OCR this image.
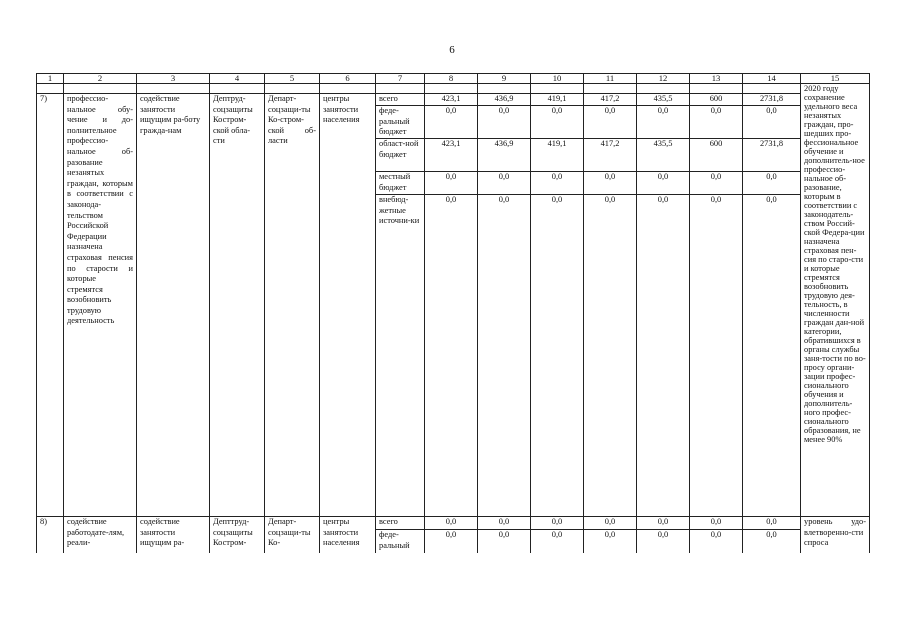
6
1	2	3	4	5	6	7	8	9	10	11	12	13	14	15

														2020 году сохранение удельного веса незанятых граждан, про-шедших про-фессиональное обучение и дополнитель-ное профессио-нальное об-разование, которым в соответствии с законодатель-ством Россий-ской Федера-ции назначена страховая пен-сия по старо-сти и которые стремятся возобновить трудовую дея-тельность, в численности граждан дан-ной категории, обратившихся в органы службы заня-тости по во-просу органи-зации профес-сионального обучения и дополнитель-ного профес-сионального образования, не менее 90%

7)	профессио-нальное обу-чение и до-полнительное профессио-нальное об-разование незанятых граждан, которым в соответствии с законода-тельством Российской Федерации назначена страховая пенсия по старости и которые стремятся возобновить трудовую деятельность	содействие занятости ищущим ра-боту гражда-нам	Дептруд-соцзащиты Костром-ской обла-сти	Департ-соцзащи-ты Ко-стром-ской об-ласти	центры занятости населения	всего	423,1	436,9	419,1	417,2	435,5	600	2731,8	
						феде-ральный бюджет	0,0	0,0	0,0	0,0	0,0	0,0	0,0	
						област-ной бюджет	423,1	436,9	419,1	417,2	435,5	600	2731,8	
						местный бюджет	0,0	0,0	0,0	0,0	0,0	0,0	0,0	
						внебюд-жетные источни-ки	0,0	0,0	0,0	0,0	0,0	0,0	0,0	
8)	содействие работодате-лям, реали-	содействие занятости ищущим ра-	Депттруд-соцзащиты Костром-	Департ-соцзащи-ты Ко-	центры занятости населения	всего	0,0	0,0	0,0	0,0	0,0	0,0	0,0	уровень удо-влетворенно-сти спроса
						феде-ральный	0,0	0,0	0,0	0,0	0,0	0,0	0,0	
